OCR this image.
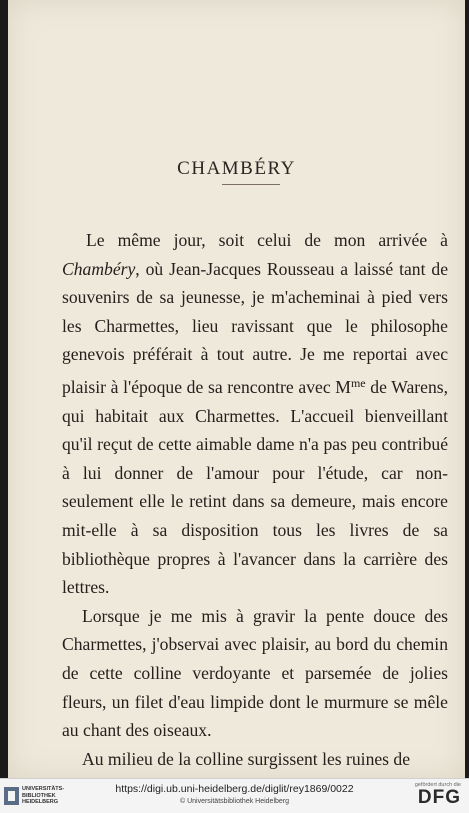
CHAMBÉRY

Le même jour, soit celui de mon arrivée à Chambéry, où Jean-Jacques Rousseau a laissé tant de souvenirs de sa jeunesse, je m'acheminai à pied vers les Charmettes, lieu ravissant que le philosophe genevois préférait à tout autre. Je me reportai avec plaisir à l'époque de sa rencontre avec $M^{me}$ de Warens, qui habitait aux Charmettes. L'accueil bienveillant qu'il reçut de cette aimable dame n'a pas peu contribué à lui donner de l'amour pour l'étude, car non-seulement elle le retint dans sa demeure, mais encore mit-elle à sa disposition tous les livres de sa bibliothèque propres à l'avancer dans la carrière des lettres.

Lorsque je me mis à gravir la pente douce des Charmettes, j'observai avec plaisir, au bord du chemin de cette colline verdoyante et parsemée de jolies fleurs, un filet d'eau limpide dont le murmure se mêle au chant des oiseaux.

Au milieu de la colline surgissent les ruines de

UNIVERSITÄTS-
BIBLIOTHEK
HEIDELBERG
https://digi.ub.uni-heidelberg.de/diglit/rey1869/0022
© Universitätsbibliothek Heidelberg
gefördert durch die
DFG
